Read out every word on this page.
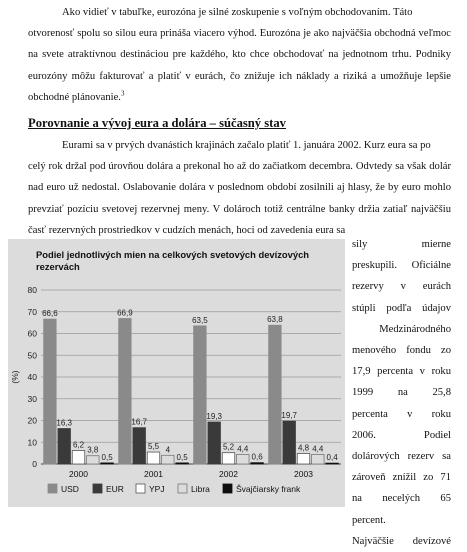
Ako vidieť v tabuľke, eurozóna je silné zoskupenie s voľným obchodovaním. Táto
otvorenosť spolu so silou eura prináša viacero výhod. Eurozóna je ako najväčšia obchodná veľmoc na svete atraktívnou destináciou pre každého, kto chce obchodovať na jednotnom trhu. Podniky eurozóny môžu fakturovať a platiť v eurách, čo znižuje ich náklady a riziká a umožňuje lepšie obchodné plánovanie.$^3$

Porovnanie a vývoj eura a dolára – súčasný stav

Eurami sa v prvých dvanástich krajinách začalo platiť 1. januára 2002. Kurz eura sa po
celý rok držal pod úrovňou dolára a prekonal ho až do začiatkom decembra. Odvtedy sa však dolár nad euro už nedostal. Oslabovanie dolára v poslednom období zosilnili aj hlasy, že by euro mohlo prevziať pozíciu svetovej rezervnej meny. V dolároch totiž centrálne banky držia zatiaľ najväčšiu časť rezervných prostriedkov v cudzích menách, hoci od zavedenia eura sa

0
10
20
30
40
50
60
70
80
(%)
66,6
16,3
6,2
3,8
0,5
2000
66,9
16,7
5,5 4
0,5
2001
63,5
19,3
5,2 4,4
0,6
2002
63,8
19,7
4,8 4,4
0,4
2003
USD	EUR	YPJ	Libra	Švajčiarsky frank

Podiel jednotlivých mien na celkových svetových devízových
rezervách

sily mierne
preskupili. Oficiálne
rezervy v eurách
stúpli podľa údajov
Medzinárodného
menového fondu zo
17,9 percenta v roku
1999 na 25,8
percenta v roku
2006. Podiel
dolárových rezerv sa
zároveň znížil zo 71
na necelých 65
percent.
Najväčšie devízové
